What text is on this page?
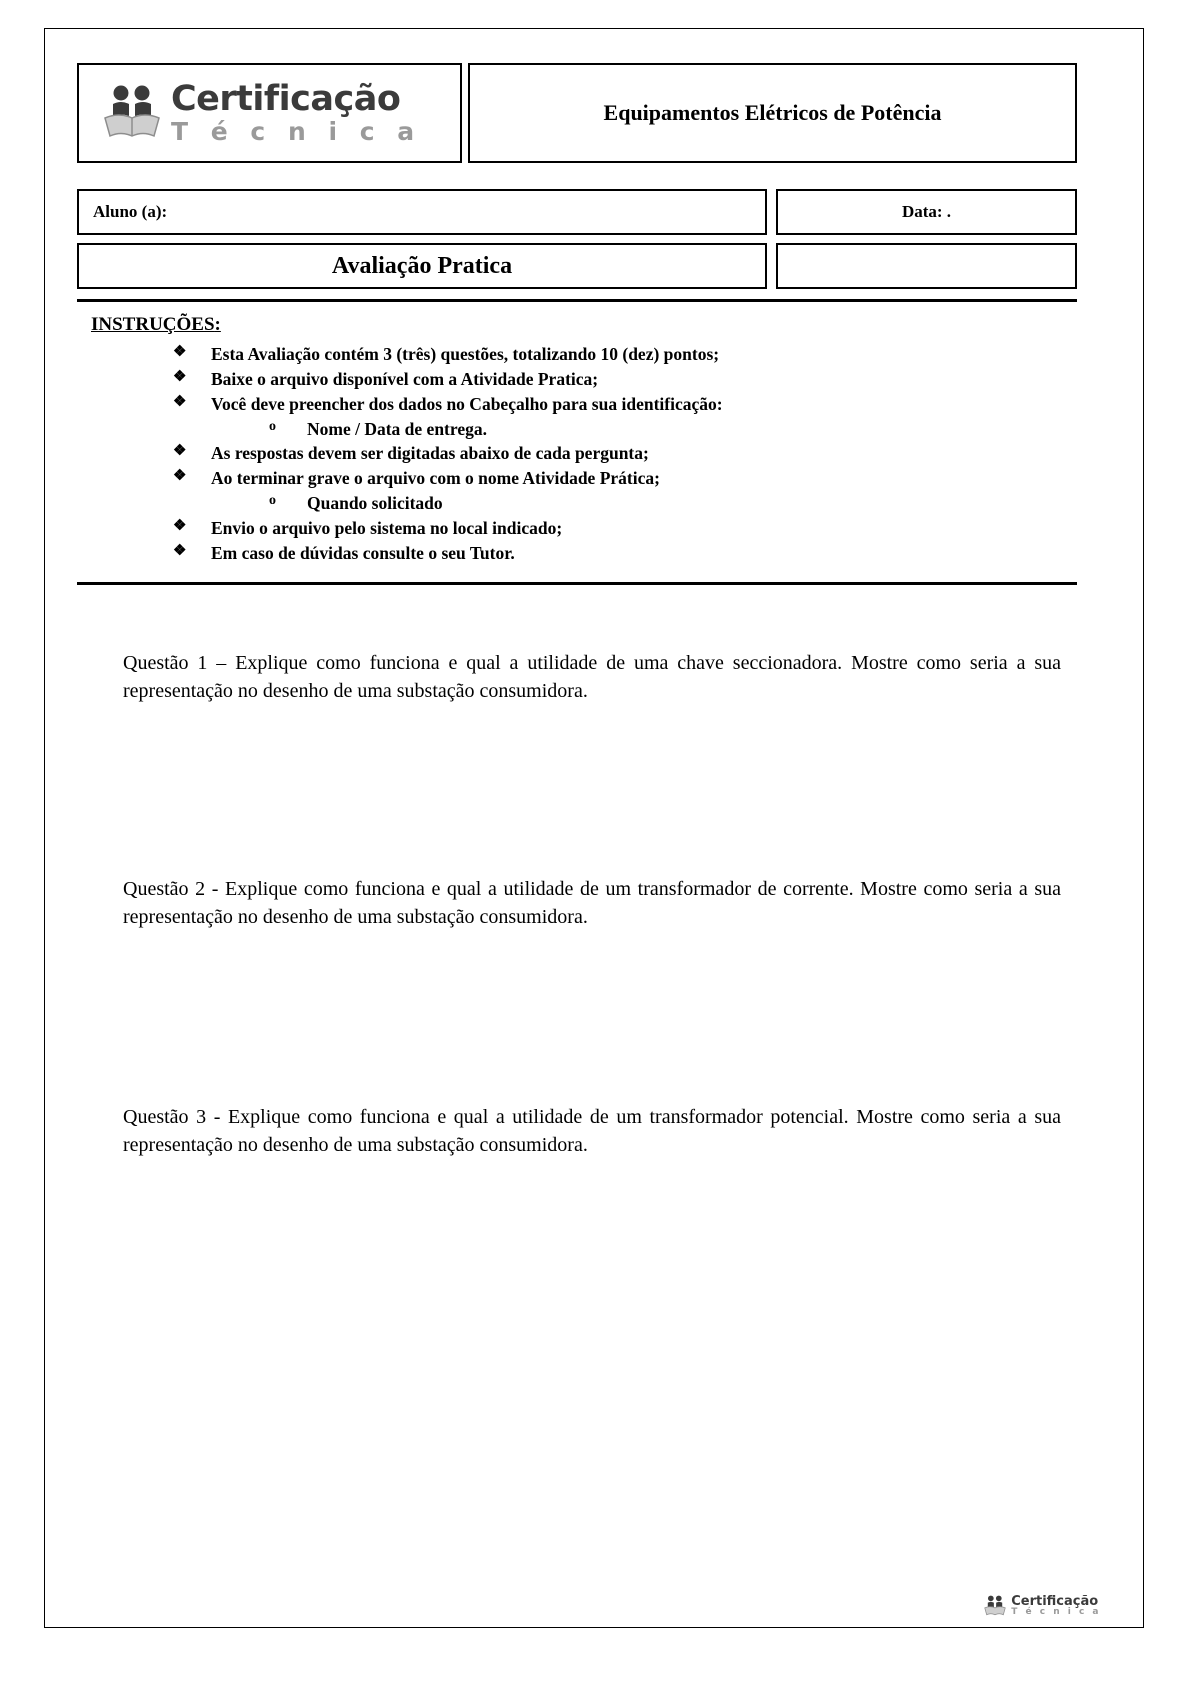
Certificação
T é c n i c a
Equipamentos Elétricos de Potência
Aluno (a):	Data: .
Avaliação Pratica
INSTRUÇÕES:
❖ Esta Avaliação contém 3 (três) questões, totalizando 10 (dez) pontos;
❖ Baixe o arquivo disponível com a Atividade Pratica;
❖ Você deve preencher dos dados no Cabeçalho para sua identificação:
o Nome / Data de entrega.
❖ As respostas devem ser digitadas abaixo de cada pergunta;
❖ Ao terminar grave o arquivo com o nome Atividade Prática;
o Quando solicitado
❖ Envio o arquivo pelo sistema no local indicado;
❖ Em caso de dúvidas consulte o seu Tutor.
Questão 1 – Explique como funciona e qual a utilidade de uma chave seccionadora. Mostre como seria a sua representação no desenho de uma substação consumidora.
Questão 2 - Explique como funciona e qual a utilidade de um transformador de corrente. Mostre como seria a sua representação no desenho de uma substação consumidora.
Questão 3 - Explique como funciona e qual a utilidade de um transformador potencial. Mostre como seria a sua representação no desenho de uma substação consumidora.
Certificação
T é c n i c a
